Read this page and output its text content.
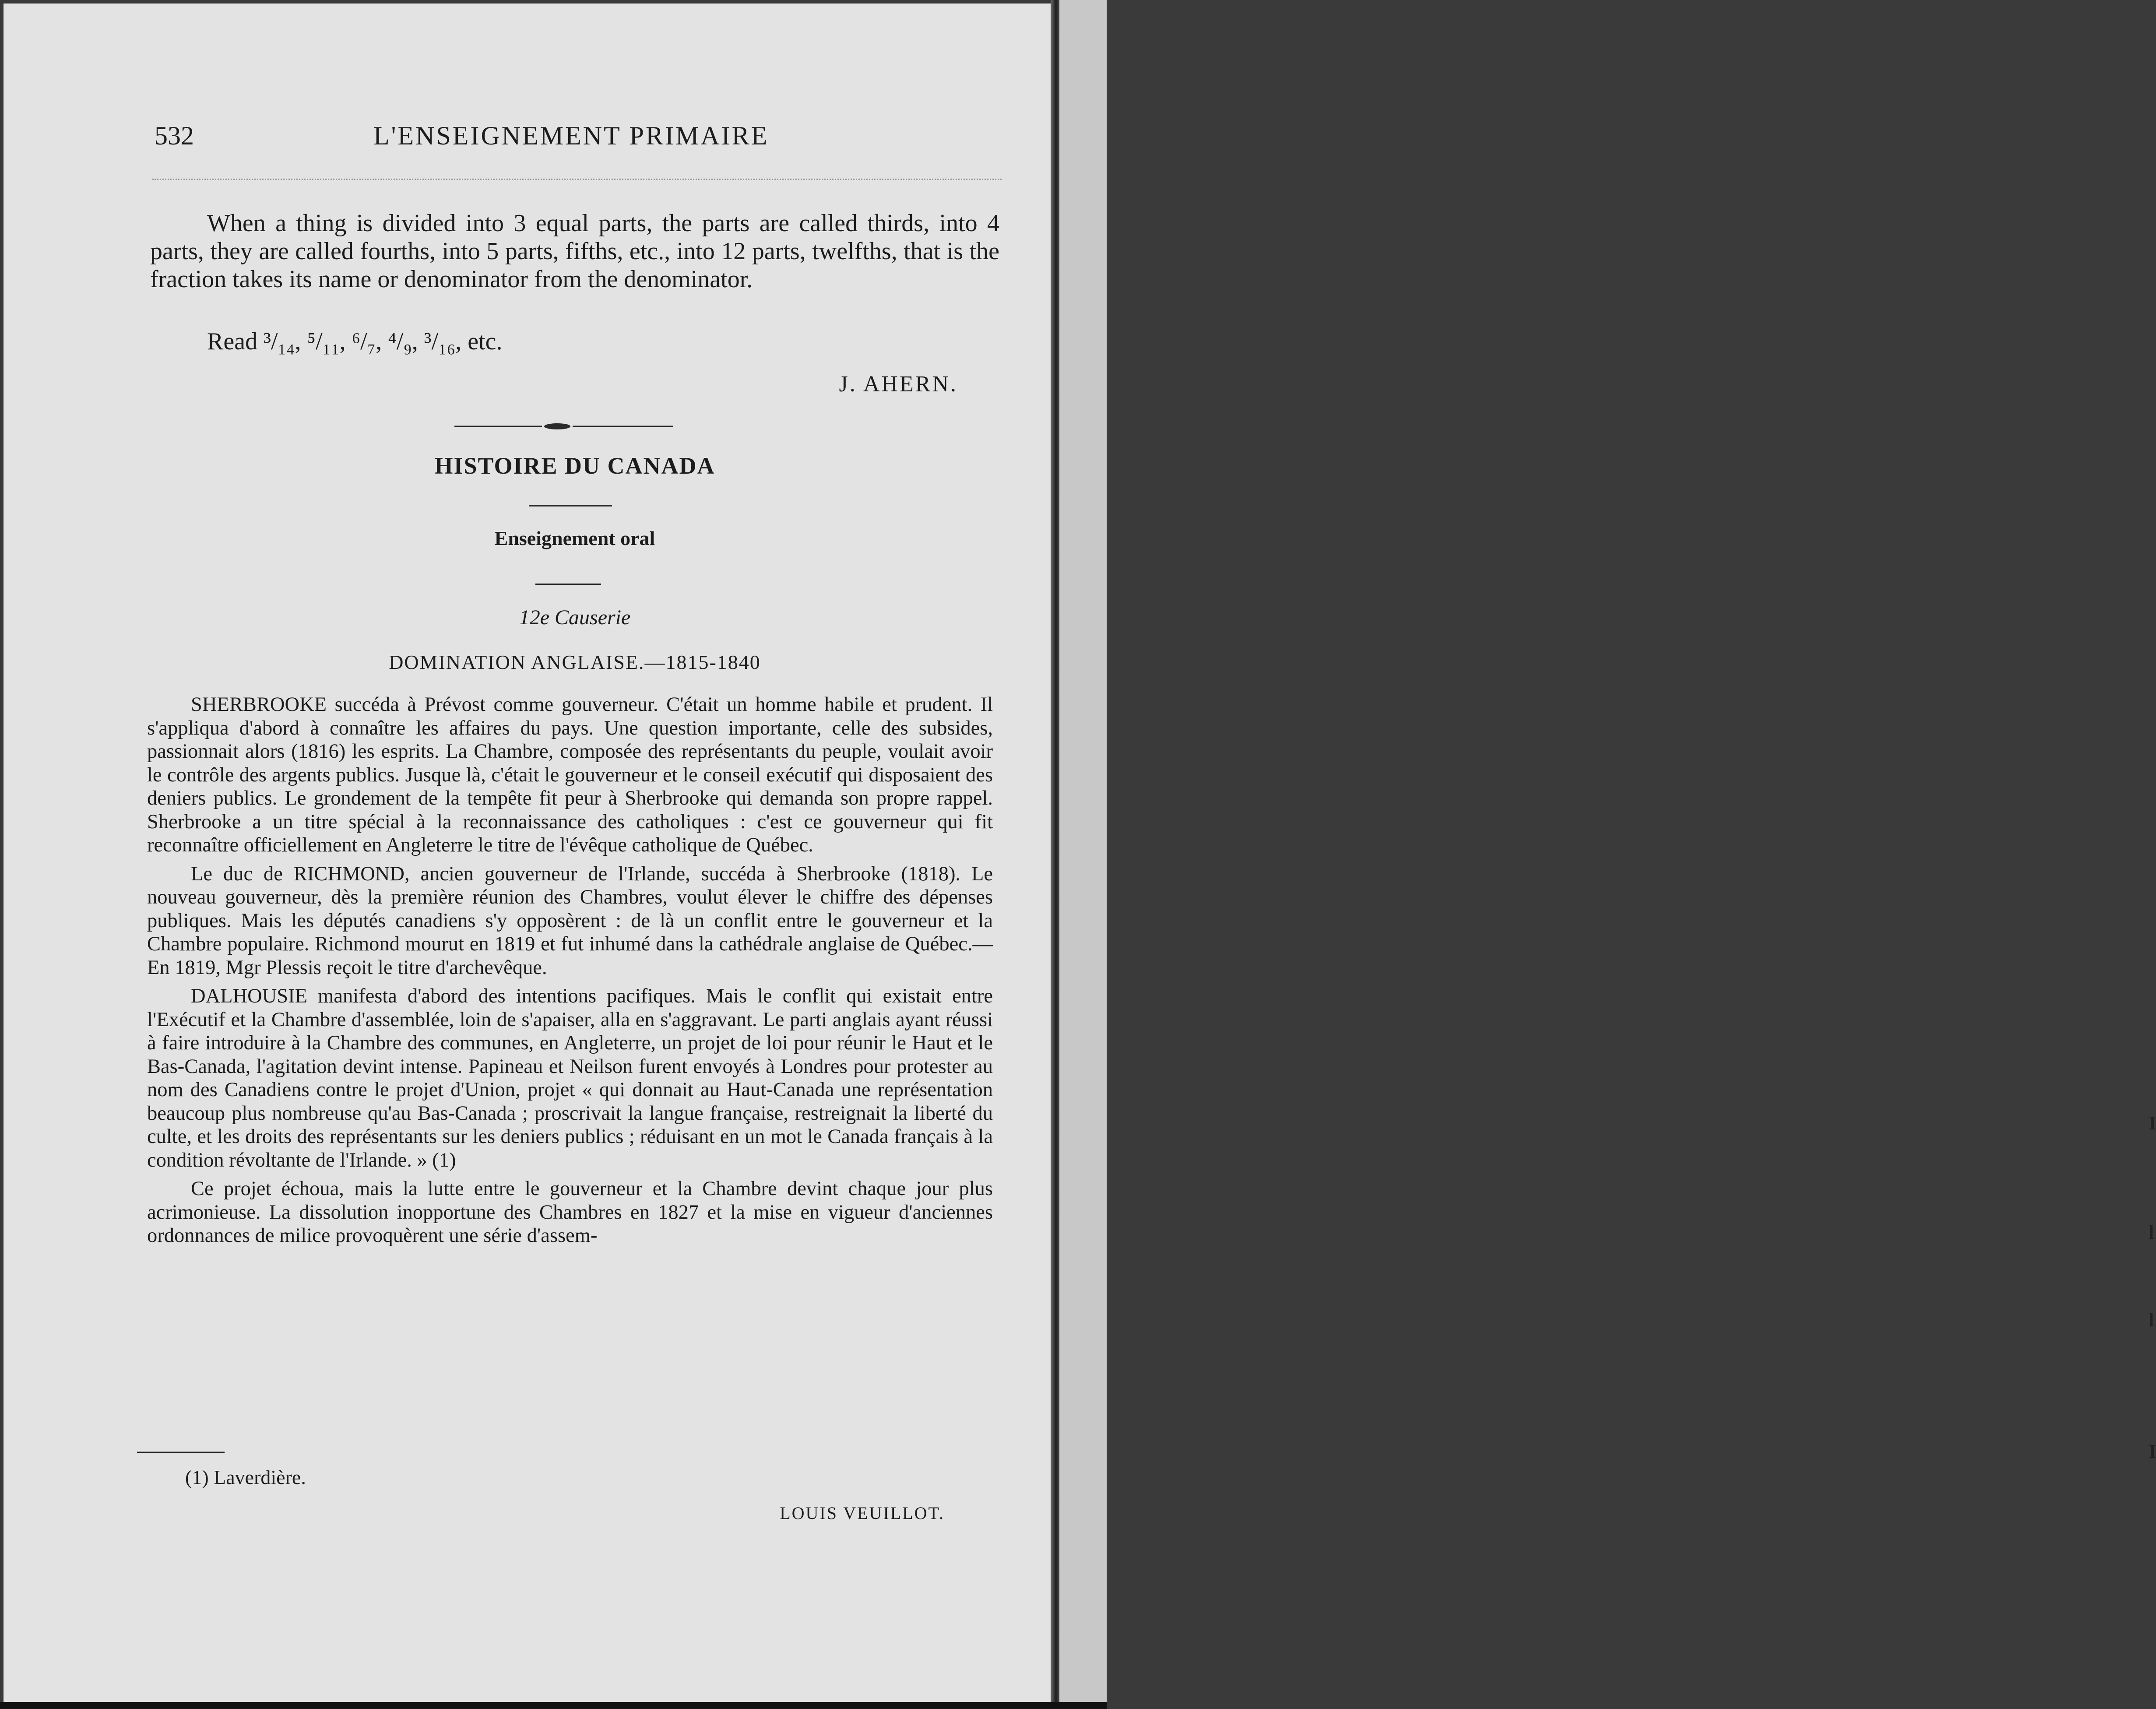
532	L'ENSEIGNEMENT PRIMAIRE

When a thing is divided into 3 equal parts, the parts are called thirds, into 4 parts, they are called fourths, into 5 parts, fifths, etc., into 12 parts, twelfths, that is the fraction takes its name or denominator from the denominator.

Read ³/₁₄, ⁵/₁₁, ⁶/₇, ⁴/₉, ³/₁₆, etc.
J. AHERN.
HISTOIRE DU CANADA
Enseignement oral
12e Causerie
DOMINATION ANGLAISE.—1815-1840

SHERBROOKE succéda à Prévost comme gouverneur. C'était un homme habile et prudent. Il s'appliqua d'abord à connaître les affaires du pays. Une question importante, celle des subsides, passionnait alors (1816) les esprits. La Chambre, composée des représentants du peuple, voulait avoir le contrôle des argents publics. Jusque là, c'était le gouverneur et le conseil exécutif qui disposaient des deniers publics. Le grondement de la tempête fit peur à Sherbrooke qui demanda son propre rappel. Sherbrooke a un titre spécial à la reconnaissance des catholiques : c'est ce gouverneur qui fit reconnaître officiellement en Angleterre le titre de l'évêque catholique de Québec.

Le duc de RICHMOND, ancien gouverneur de l'Irlande, succéda à Sherbrooke (1818). Le nouveau gouverneur, dès la première réunion des Chambres, voulut élever le chiffre des dépenses publiques. Mais les députés canadiens s'y opposèrent : de là un conflit entre le gouverneur et la Chambre populaire. Richmond mourut en 1819 et fut inhumé dans la cathédrale anglaise de Québec.—En 1819, Mgr Plessis reçoit le titre d'archevêque.

DALHOUSIE manifesta d'abord des intentions pacifiques. Mais le conflit qui existait entre l'Exécutif et la Chambre d'assemblée, loin de s'apaiser, alla en s'aggravant. Le parti anglais ayant réussi à faire introduire à la Chambre des communes, en Angleterre, un projet de loi pour réunir le Haut et le Bas-Canada, l'agitation devint intense. Papineau et Neilson furent envoyés à Londres pour protester au nom des Canadiens contre le projet d'Union, projet « qui donnait au Haut-Canada une représentation beaucoup plus nombreuse qu'au Bas-Canada ; proscrivait la langue française, restreignait la liberté du culte, et les droits des représentants sur les deniers publics ; réduisant en un mot le Canada français à la condition révoltante de l'Irlande. » (1)

Ce projet échoua, mais la lutte entre le gouverneur et la Chambre devint chaque jour plus acrimonieuse. La dissolution inopportune des Chambres en 1827 et la mise en vigueur d'anciennes ordonnances de milice provoquèrent une série d'assem-

(1) Laverdière.
LOUIS VEUILLOT.
I
l
l
I
